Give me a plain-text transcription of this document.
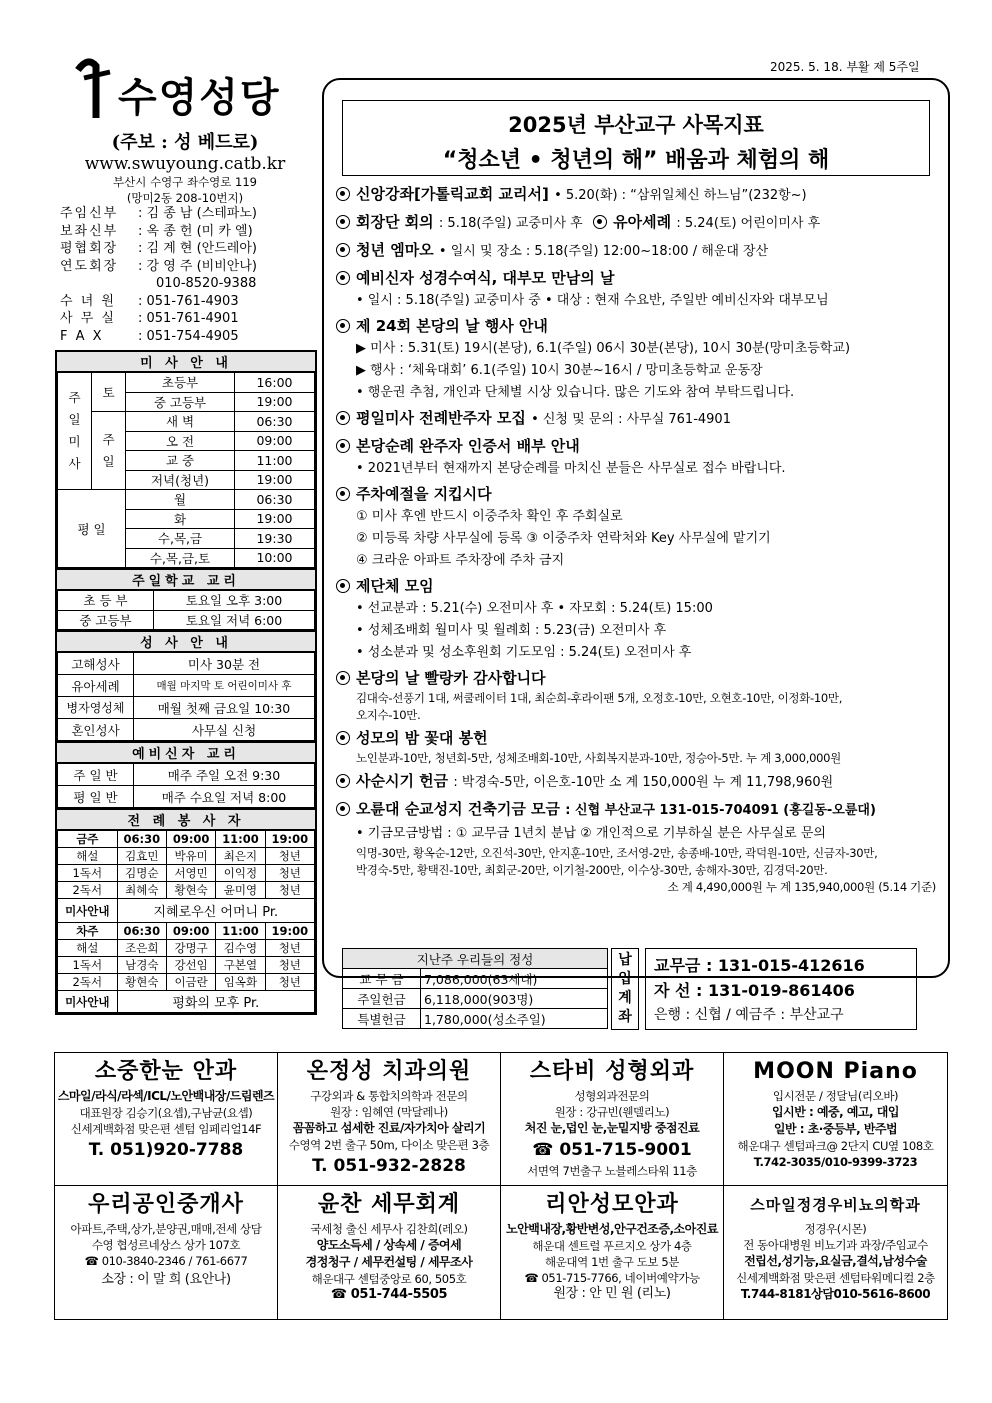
2025. 5. 18. 부활 제 5주일
수영성당
(주보 : 성 베드로)
www.swuyoung.catb.kr
부산시 수영구 좌수영로 119
(망미2동 208-10번지)
주임신부	: 김 종 남 (스테파노)
보좌신부	: 옥 종 헌 (미 카 엘)
평협회장	: 김 계 현 (안드레아)
연도회장	: 강 영 주 (비비안나)
010-8520-9388
수 녀 원	: 051-761-4903
사 무 실	: 051-761-4901
F A X	: 051-754-4905
미 사 안 내
주
일
미
사	토	초등부	16:00
		중 고등부	19:00
	주
일	새 벽	06:30
		오 전	09:00
		교 중	11:00
		저녁(청년)	19:00
평 일		월	06:30
		화	19:00
		수,목,금	19:30
		수,목,금,토	10:00
주일학교 교리
초 등 부	토요일 오후 3:00
중 고등부	토요일 저녁 6:00
성 사 안 내
고해성사	미사 30분 전
유아세례	매월 마지막 토 어린이미사 후
병자영성체	매월 첫째 금요일 10:30
혼인성사	사무실 신청
예비신자 교리
주 일 반	매주 주일 오전 9:30
평 일 반	매주 수요일 저녁 8:00
전 례 봉 사 자
금주	06:30	09:00	11:00	19:00
해설	김효민	박유미	최은지	청년
1독서	김명순	서영민	이익정	청년
2독서	최혜숙	황현숙	윤미영	청년
미사안내	지혜로우신 어머니 Pr.			
차주	06:30	09:00	11:00	19:00
해설	조은희	강명구	김수영	청년
1독서	남경숙	강선임	구본열	청년
2독서	황현숙	이금란	임옥화	청년
미사안내	평화의 모후 Pr.			
2025년 부산교구 사목지표
“청소년 • 청년의 해” 배움과 체험의 해
신앙강좌[가톨릭교회 교리서] • 5.20(화) : “삼위일체신 하느님”(232항~)
회장단 회의 : 5.18(주일) 교중미사 후 유아세례 : 5.24(토) 어린이미사 후
청년 엠마오 • 일시 및 장소 : 5.18(주일) 12:00~18:00 / 해운대 장산
예비신자 성경수여식, 대부모 만남의 날
• 일시 : 5.18(주일) 교중미사 중 • 대상 : 현재 수요반, 주일반 예비신자와 대부모님
제 24회 본당의 날 행사 안내
▶ 미사 : 5.31(토) 19시(본당), 6.1(주일) 06시 30분(본당), 10시 30분(망미초등학교)
▶ 행사 : ‘체육대회’ 6.1(주일) 10시 30분~16시 / 망미초등학교 운동장
• 행운권 추첨, 개인과 단체별 시상 있습니다. 많은 기도와 참여 부탁드립니다.
평일미사 전례반주자 모집 • 신청 및 문의 : 사무실 761-4901
본당순례 완주자 인증서 배부 안내
• 2021년부터 현재까지 본당순례를 마치신 분들은 사무실로 접수 바랍니다.
주차예절을 지킵시다
① 미사 후엔 반드시 이중주차 확인 후 주회실로
② 미등록 차량 사무실에 등록 ③ 이중주차 연락처와 Key 사무실에 맡기기
④ 크라운 아파트 주차장에 주차 금지
제단체 모임
• 선교분과 : 5.21(수) 오전미사 후 • 자모회 : 5.24(토) 15:00
• 성체조배회 월미사 및 월례회 : 5.23(금) 오전미사 후
• 성소분과 및 성소후원회 기도모임 : 5.24(토) 오전미사 후
본당의 날 빨랑카 감사합니다
김대숙-선풍기 1대, 써쿨레이터 1대, 최순희-후라이팬 5개, 오정호-10만, 오현호-10만, 이정화-10만,
오지수-10만.
성모의 밤 꽃대 봉헌
노인분과-10만, 청년회-5만, 성체조배회-10만, 사회복지분과-10만, 정승아-5만. 누 계 3,000,000원
사순시기 헌금 : 박경숙-5만, 이은호-10만 소 계 150,000원 누 계 11,798,960원
오륜대 순교성지 건축기금 모금 : 신협 부산교구 131-015-704091 (홍길동-오륜대)
• 기금모금방법 : ① 교무금 1년치 분납 ② 개인적으로 기부하실 분은 사무실로 문의
익명-30만, 황옥순-12만, 오진석-30만, 안지훈-10만, 조서영-2만, 송종배-10만, 곽덕원-10만, 신금자-30만,
박경숙-5만, 황택진-10만, 최회군-20만, 이기철-200만, 이수상-30만, 송해자-30만, 김경덕-20만.
소 계 4,490,000원 누 계 135,940,000원 (5.14 기준)
지난주 우리들의 정성	
교 무 금	7,086,000(63세대)
주일헌금	6,118,000(903명)
특별헌금	1,780,000(성소주일)
납
입
계
좌
교무금 : 131-015-412616
자 선 : 131-019-861406
은행 : 신협 / 예금주 : 부산교구
소중한눈 안과
스마일/라식/라섹/ICL/노안백내장/드림렌즈
대표원장 김승기(요셉),구남균(요셉)
신세계백화점 맞은편 센텀 임페리얼14F
T. 051)920-7788
온정성 치과의원
구강외과 & 통합치의학과 전문의
원장 : 임혜연 (막달레나)
꼼꼼하고 섬세한 진료/자가치아 살리기
수영역 2번 출구 50m, 다이소 맞은편 3층
T. 051-932-2828
스타비 성형외과
성형외과전문의
원장 : 강규빈(웬델리노)
처진 눈,덥인 눈,눈밑지방 중점진료
☎ 051-715-9001
서면역 7번출구 노블레스타워 11층
MOON Piano
입시전문 / 정달님(리오바)
입시반 : 예중, 예고, 대입
일반 : 초·중등부, 반주법
해운대구 센텀파크@ 2단지 CU옆 108호
T.742-3035/010-9399-3723
우리공인중개사
아파트,주택,상가,분양권,매매,전세 상담
수영 협성르네상스 상가 107호
☎ 010-3840-2346 / 761-6677
소장 : 이 말 희 (요안나)
윤찬 세무회계
국세청 출신 세무사 김찬희(레오)
양도소득세 / 상속세 / 증여세
경정청구 / 세무컨설팅 / 세무조사
해운대구 센텀중앙로 60, 505호
☎ 051-744-5505
리안성모안과
노안백내장,황반변성,안구건조증,소아진료
해운대 센트럴 푸르지오 상가 4층
해운대역 1번 출구 도보 5분
☎ 051-715-7766, 네이버예약가능
원장 : 안 민 원 (리노)
스마일정경우비뇨의학과
정경우(시몬)
전 동아대병원 비뇨기과 과장/주임교수
전립선,성기능,요실금,결석,남성수술
신세계백화점 맞은편 센텀타워메디컬 2층
T.744-8181상담010-5616-8600
